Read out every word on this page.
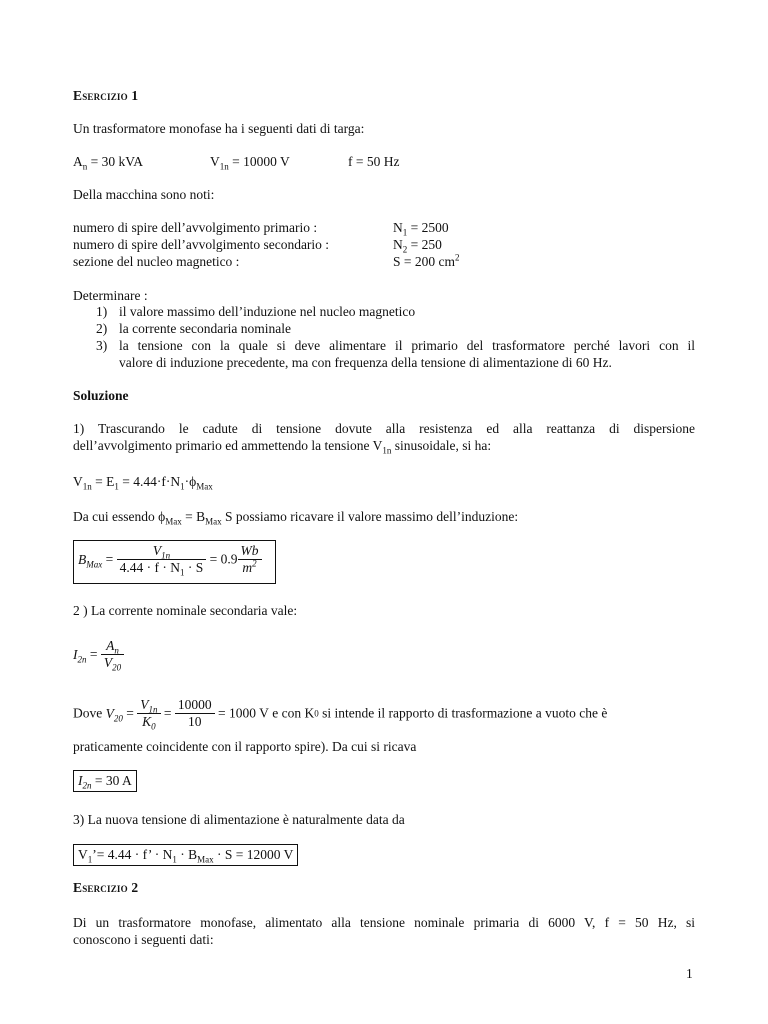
Esercizio 1
Un trasformatore monofase ha i seguenti dati di targa:
$A_n = 30$ kVA	$V_{1n} = 10000$ V	f = 50 Hz
Della macchina sono noti:
numero di spire dell’avvolgimento primario :	$N_1 = 2500$
numero di spire dell’avvolgimento secondario :	$N_2 = 250$
sezione del nucleo magnetico :	S = 200 $cm^2$
Determinare :
1) il valore massimo dell’induzione nel nucleo magnetico
2) la corrente secondaria nominale
3) la tensione con la quale si deve alimentare il primario del trasformatore perché lavori con il
valore di induzione precedente, ma con frequenza della tensione di alimentazione di 60 Hz.
Soluzione
1) Trascurando le cadute di tensione dovute alla resistenza ed alla reattanza di dispersione
dell’avvolgimento primario ed ammettendo la tensione $V_{1n}$ sinusoidale, si ha:
$V_{1n} = E_1 = 4.44\cdot f\cdot N_1\cdot\phi_{Max}$
Da cui essendo $\phi_{Max} = B_{Max}$ S possiamo ricavare il valore massimo dell’induzione:
$B_{Max} = \frac{V_{1n}}{4.44 \cdot f \cdot N_1 \cdot S} = 0.9 \frac{Wb}{m^2}$
2 ) La corrente nominale secondaria vale:
$I_{2n} = \frac{A_n}{V_{20}}$
Dove $V_{20} = \frac{V_{1n}}{K_0} = \frac{10000}{10} = 1000$ V e con K0 si intende il rapporto di trasformazione a vuoto che è
praticamente coincidente con il rapporto spire). Da cui si ricava
$I_{2n} = 30$ A
3) La nuova tensione di alimentazione è naturalmente data da
$V_1’= 4.44 \cdot f$’ · $N_1 \cdot B_{Max} \cdot S = 12000$ V
Esercizio 2
Di un trasformatore monofase, alimentato alla tensione nominale primaria di 6000 V, f = 50 Hz, si
conoscono i seguenti dati:
1
